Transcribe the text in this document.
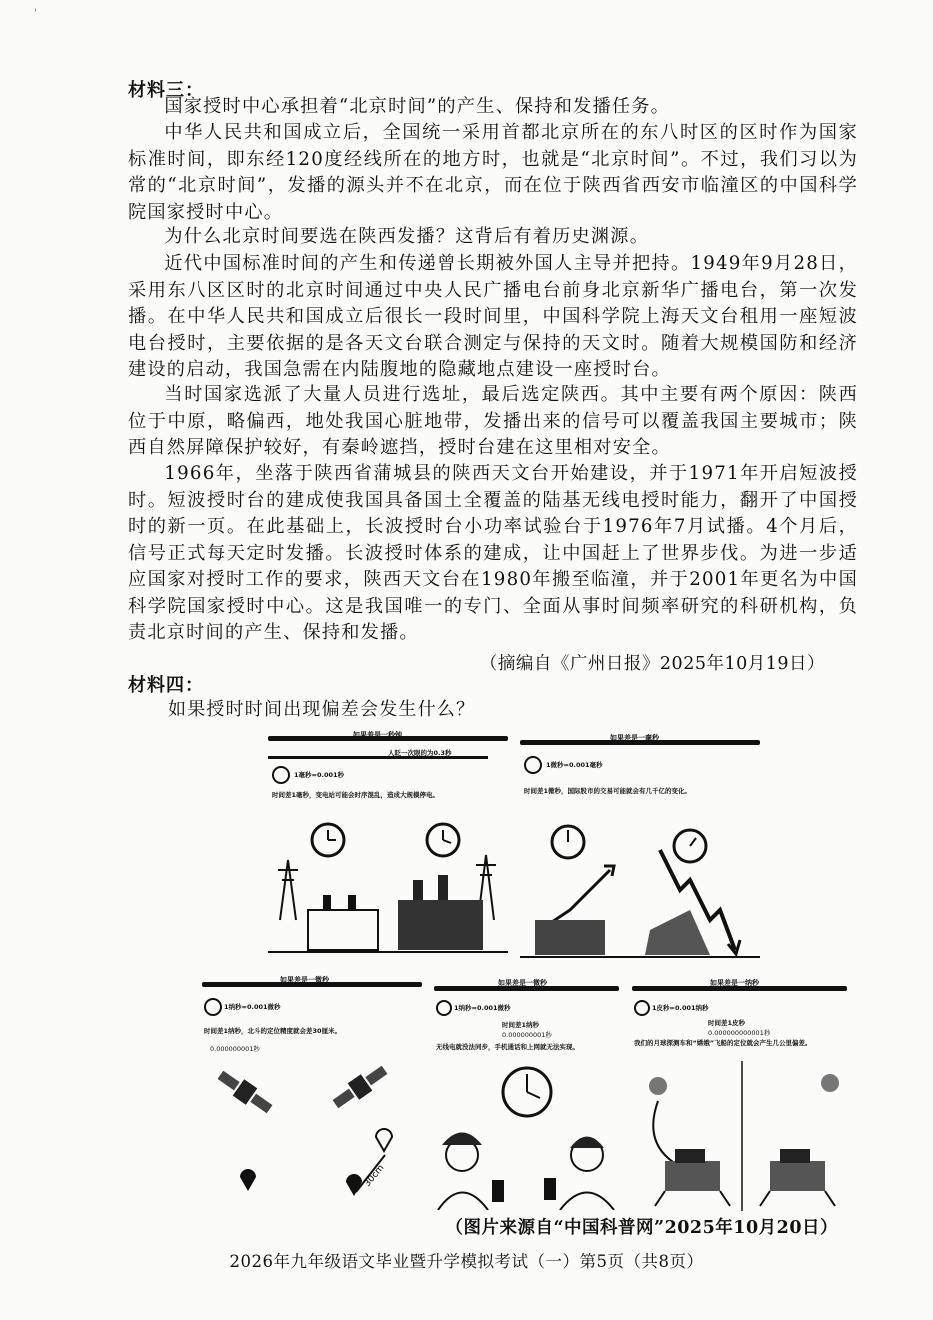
'
材料三：

国家授时中心承担着“北京时间”的产生、保持和发播任务。

中华人民共和国成立后，全国统一采用首都北京所在的东八时区的区时作为国家标准时间，即东经120度经线所在的地方时，也就是“北京时间”。不过，我们习以为常的“北京时间”，发播的源头并不在北京，而在位于陕西省西安市临潼区的中国科学院国家授时中心。

为什么北京时间要选在陕西发播？这背后有着历史渊源。

近代中国标准时间的产生和传递曾长期被外国人主导并把持。1949年9月28日，采用东八区区时的北京时间通过中央人民广播电台前身北京新华广播电台，第一次发播。在中华人民共和国成立后很长一段时间里，中国科学院上海天文台租用一座短波电台授时，主要依据的是各天文台联合测定与保持的天文时。随着大规模国防和经济建设的启动，我国急需在内陆腹地的隐藏地点建设一座授时台。

当时国家选派了大量人员进行选址，最后选定陕西。其中主要有两个原因：陕西位于中原，略偏西，地处我国心脏地带，发播出来的信号可以覆盖我国主要城市；陕西自然屏障保护较好，有秦岭遮挡，授时台建在这里相对安全。

1966年，坐落于陕西省蒲城县的陕西天文台开始建设，并于1971年开启短波授时。短波授时台的建成使我国具备国土全覆盖的陆基无线电授时能力，翻开了中国授时的新一页。在此基础上，长波授时台小功率试验台于1976年7月试播。4个月后，信号正式每天定时发播。长波授时体系的建成，让中国赶上了世界步伐。为进一步适应国家对授时工作的要求，陕西天文台在1980年搬至临潼，并于2001年更名为中国科学院国家授时中心。这是我国唯一的专门、全面从事时间频率研究的科研机构，负责北京时间的产生、保持和发播。

（摘编自《广州日报》2025年10月19日）
材料四：
如果授时时间出现偏差会发生什么？
如果差是一秒钟
人眨一次眼的为0.3秒
1毫秒=0.001秒
时间差1毫秒，变电站可能会时序混乱，造成大规模停电。
如果差是一毫秒
1微秒=0.001毫秒
时间差1微秒，国际股市的交易可能就会有几千亿的变化。
如果差是一微秒
1纳秒=0.001微秒
时间差1纳秒，北斗的定位精度就会差30厘米。
0.000000001秒
30cm
如果差是一微秒
1纳秒=0.001微秒
时间差1纳秒
0.000000001秒
无线电就没法同步，手机通话和上网就无法实现。
如果差是一纳秒
1皮秒=0.001纳秒
时间差1皮秒
0.000000000001秒
我们的月球探测车和“嫦娥”飞船的定位就会产生几公里偏差。
（图片来源自“中国科普网”2025年10月20日）
2026年九年级语文毕业暨升学模拟考试（一）第5页（共8页）
